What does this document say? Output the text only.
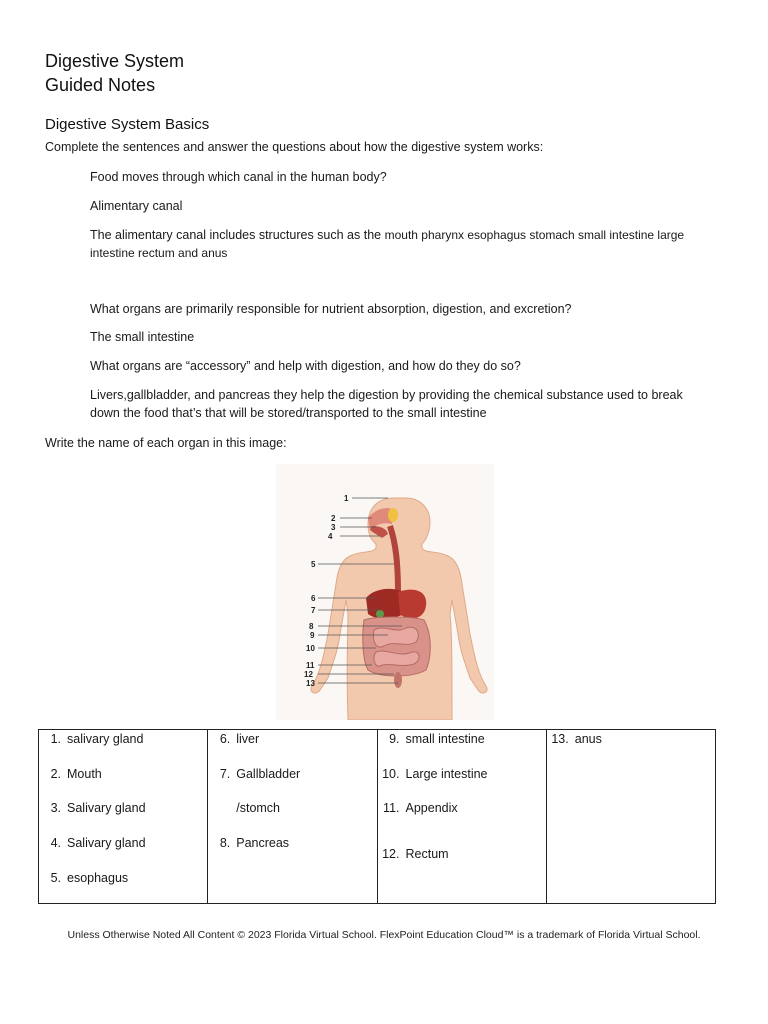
Digestive System
Guided Notes
Digestive System Basics
Complete the sentences and answer the questions about how the digestive system works:
Food moves through which canal in the human body?
Alimentary canal
The alimentary canal includes structures such as the mouth pharynx esophagus stomach small intestine large intestine rectum and anus
What organs are primarily responsible for nutrient absorption, digestion, and excretion?
The small intestine
What organs are “accessory” and help with digestion, and how do they do so?
Livers,gallbladder, and pancreas they help the digestion by providing the chemical substance used to break down the food that’s that will be stored/transported to the small intestine
Write the name of each organ in this image:
1
2
3
4
5
6
7
8
9
10
11
12
13
1. salivary gland
2. Mouth
3. Salivary gland
4. Salivary gland
5. esophagus

6. liver
7. Gallbladder
/stomch
8. Pancreas

9. small intestine
10. Large intestine
11. Appendix
12. Rectum

13. anus
Unless Otherwise Noted All Content © 2023 Florida Virtual School. FlexPoint Education Cloud™ is a trademark of Florida Virtual School.
